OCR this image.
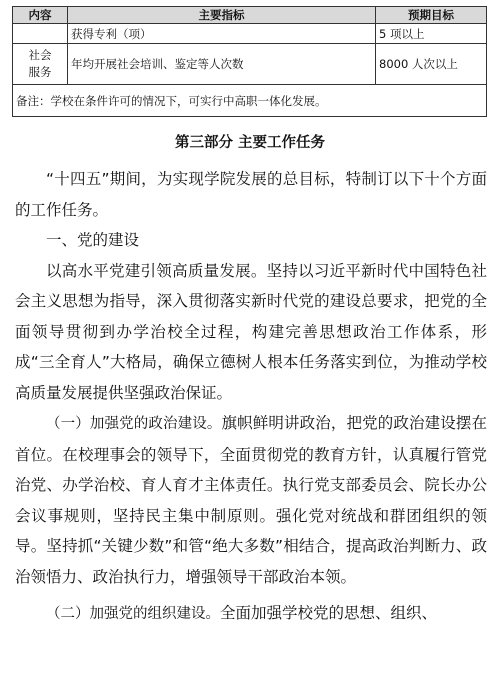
内容	主要指标	预期目标
	获得专利（项）	5 项以上
社会服务	年均开展社会培训、鉴定等人次数	8000 人次以上
备注：学校在条件许可的情况下，可实行中高职一体化发展。		
第三部分 主要工作任务

“十四五”期间，为实现学院发展的总目标，特制订以下十个方面的工作任务。

一、党的建设

以高水平党建引领高质量发展。坚持以习近平新时代中国特色社会主义思想为指导，深入贯彻落实新时代党的建设总要求，把党的全面领导贯彻到办学治校全过程，构建完善思想政治工作体系，形成“三全育人”大格局，确保立德树人根本任务落实到位，为推动学校高质量发展提供坚强政治保证。

（一）加强党的政治建设。旗帜鲜明讲政治，把党的政治建设摆在首位。在校理事会的领导下，全面贯彻党的教育方针，认真履行管党治党、办学治校、育人育才主体责任。执行党支部委员会、院长办公会议事规则，坚持民主集中制原则。强化党对统战和群团组织的领导。坚持抓“关键少数”和管“绝大多数”相结合，提高政治判断力、政治领悟力、政治执行力，增强领导干部政治本领。

（二）加强党的组织建设。全面加强学校党的思想、组织、
